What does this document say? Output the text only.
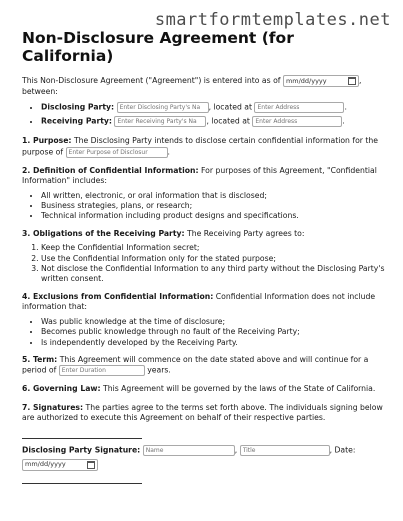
smartformtemplates.net
Non-Disclosure Agreement (for California)

This Non-Disclosure Agreement ("Agreement") is entered into as of mm/dd/yyyy	, between:

• Disclosing Party: Enter Disclosing Party's Na	, located at Enter Address	.
• Receiving Party: Enter Receiving Party's Na	, located at Enter Address	.

1. Purpose: The Disclosing Party intends to disclose certain confidential information for the purpose of Enter Purpose of Disclosur	.

2. Definition of Confidential Information: For purposes of this Agreement, "Confidential Information" includes:

• All written, electronic, or oral information that is disclosed;
• Business strategies, plans, or research;
• Technical information including product designs and specifications.

3. Obligations of the Receiving Party: The Receiving Party agrees to:

1. Keep the Confidential Information secret;
2. Use the Confidential Information only for the stated purpose;
3. Not disclose the Confidential Information to any third party without the Disclosing Party's written consent.

4. Exclusions from Confidential Information: Confidential Information does not include information that:

• Was public knowledge at the time of disclosure;
• Becomes public knowledge through no fault of the Receiving Party;
• Is independently developed by the Receiving Party.

5. Term: This Agreement will commence on the date stated above and will continue for a period of Enter Duration	years.

6. Governing Law: This Agreement will be governed by the laws of the State of California.

7. Signatures: The parties agree to the terms set forth above. The individuals signing below are authorized to execute this Agreement on behalf of their respective parties.

Disclosing Party Signature: Name	, Title	, Date:
mm/dd/yyyy
